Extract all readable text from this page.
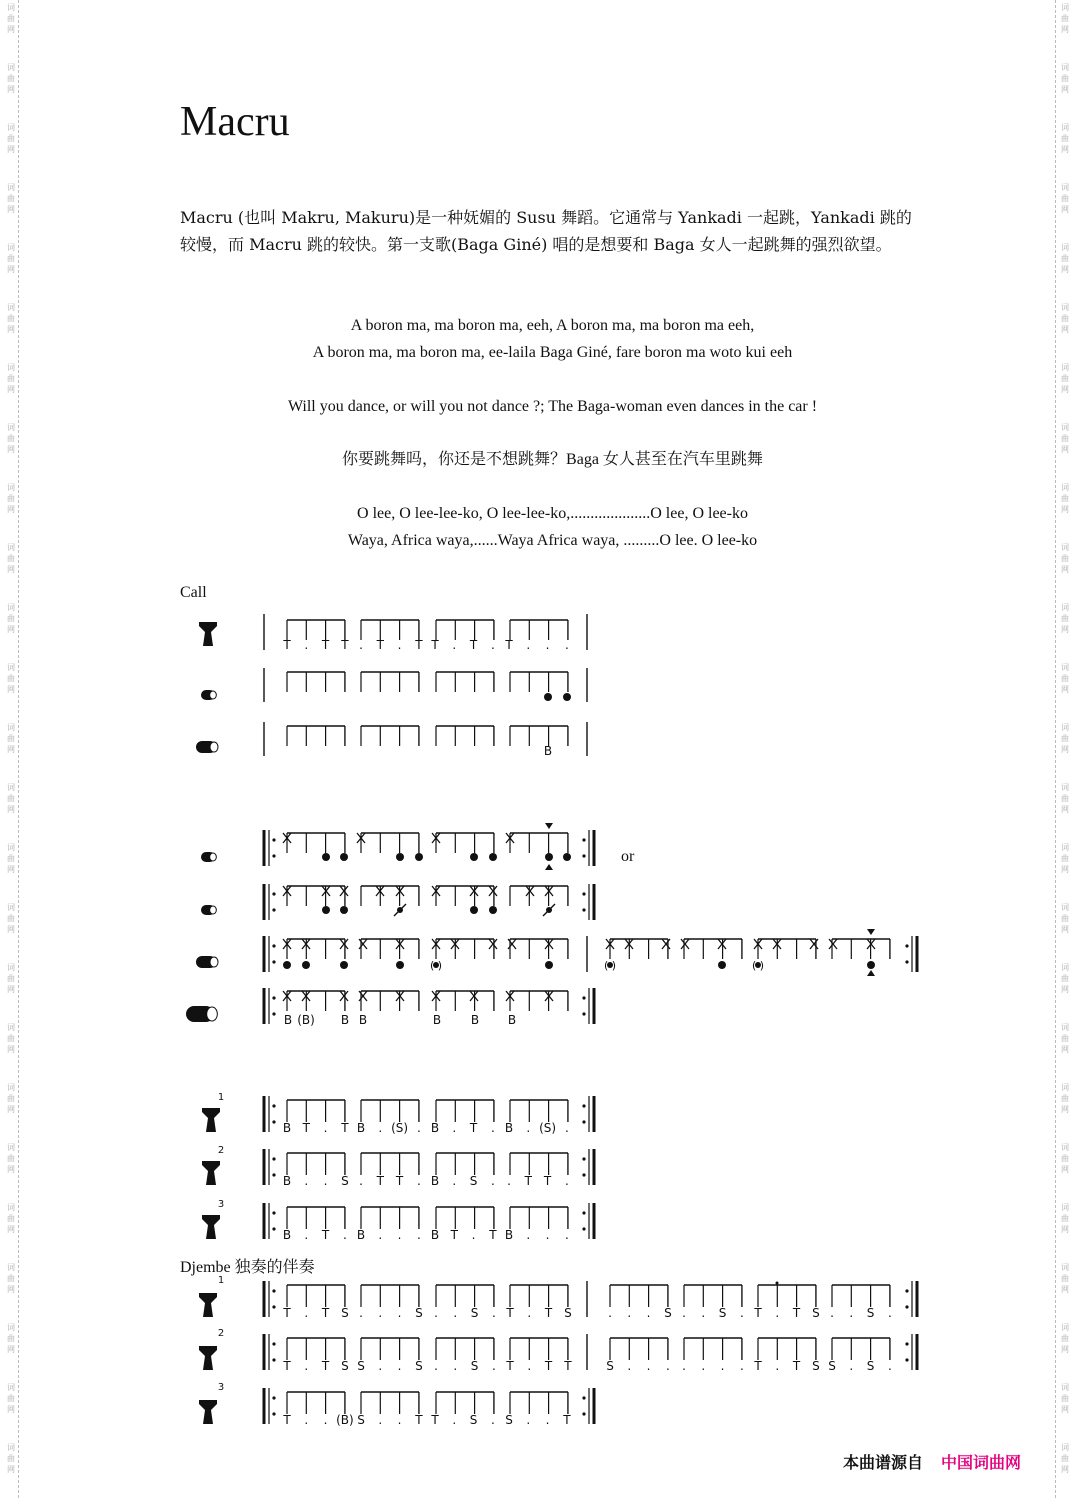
Macru
Macru (也叫 Makru, Makuru)是一种妩媚的 Susu 舞蹈。它通常与 Yankadi 一起跳，Yankadi 跳的较慢，而 Macru 跳的较快。第一支歌(Baga Giné) 唱的是想要和 Baga 女人一起跳舞的强烈欲望。
A boron ma, ma boron ma, eeh, A boron ma, ma boron ma eeh,
A boron ma, ma boron ma, ee-laila Baga Giné, fare boron ma woto kui eeh
Will you dance, or will you not dance ?; The Baga-woman even dances in the car !
你要跳舞吗，你还是不想跳舞？Baga 女人甚至在汽车里跳舞
O lee, O lee-lee-ko, O lee-lee-ko,....................O lee, O lee-ko
Waya, Africa waya,......Waya Africa waya, .........O lee. O lee-ko
Call
or
Djembe 独奏的伴奏
T . T T . T . T T . T . T . . .
B
( )	( )	( )
B (B) B B	B B B
1
B T . T B . (S) . B . T . B . (S) .
2
B . . S . T T . B . S . . T T .
3
B . T . B . . . B T . T B . . .
1
T . T S . . . S . . S . T . T S	. . . S . . S . T . T S . . S .
2
T . T S S . . S . . S . T . T T	S . . . . . . . T . T S S . S .
3
T . . (B) S . . T T . S . S . . T
本曲谱源自 中国词曲网
词
曲
网
词
曲
网
词
曲
网
词
曲
网
词
曲
网
词
曲
网
词
曲
网
词
曲
网
词
曲
网
词
曲
网
词
曲
网
词
曲
网
词
曲
网
词
曲
网
词
曲
网
词
曲
网
词
曲
网
词
曲
网
词
曲
网
词
曲
网
词
曲
网
词
曲
网
词
曲
网
词
曲
网
词
曲
网
词
曲
网
词
曲
网
词
曲
网
词
曲
网
词
曲
网
词
曲
网
词
曲
网
词
曲
网
词
曲
网
词
曲
网
词
曲
网
词
曲
网
词
曲
网
词
曲
网
词
曲
网
词
曲
网
词
曲
网
词
曲
网
词
曲
网
词
曲
网
词
曲
网
词
曲
网
词
曲
网
词
曲
网
词
曲
网
